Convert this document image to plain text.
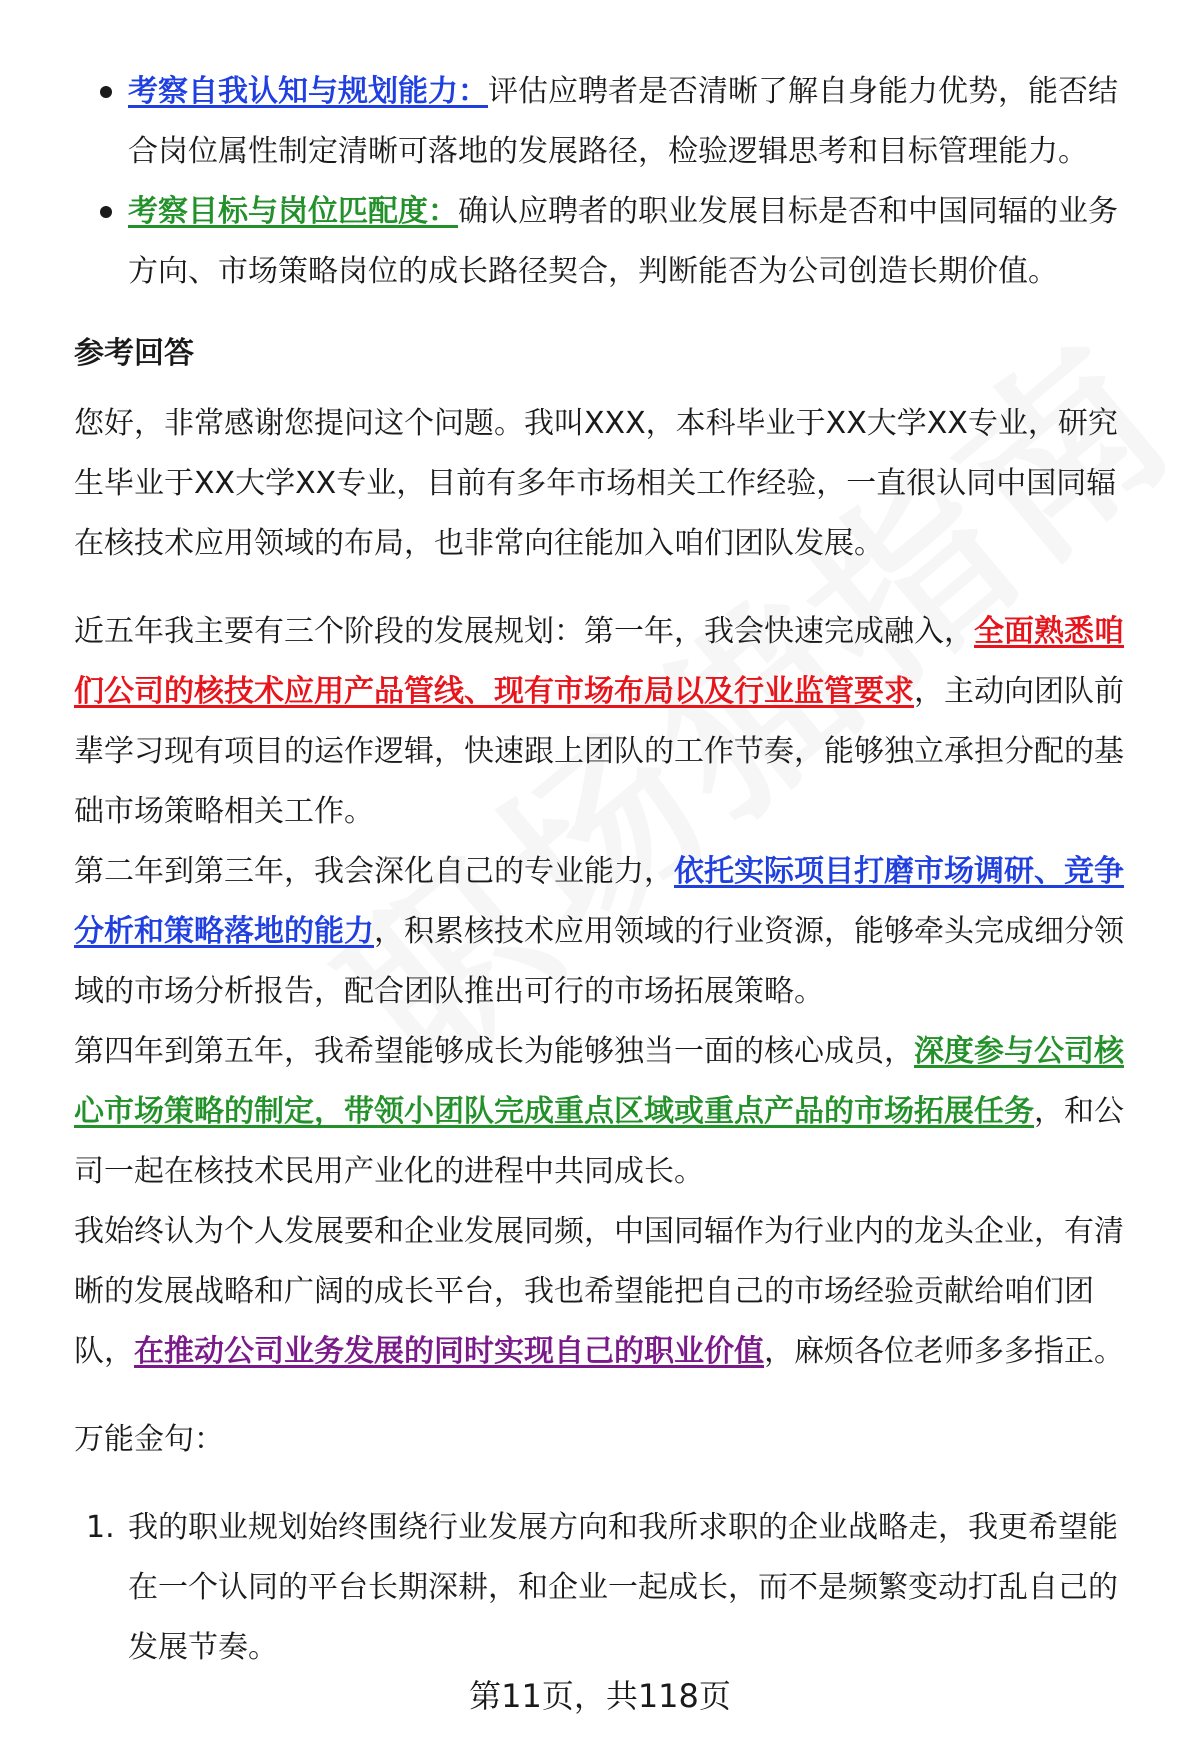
考察自我认知与规划能力：评估应聘者是否清晰了解自身能力优势，能否结合岗位属性制定清晰可落地的发展路径，检验逻辑思考和目标管理能力。
考察目标与岗位匹配度：确认应聘者的职业发展目标是否和中国同辐的业务方向、市场策略岗位的成长路径契合，判断能否为公司创造长期价值。
参考回答

您好，非常感谢您提问这个问题。我叫XXX，本科毕业于XX大学XX专业，研究生毕业于XX大学XX专业，目前有多年市场相关工作经验，一直很认同中国同辐在核技术应用领域的布局，也非常向往能加入咱们团队发展。

近五年我主要有三个阶段的发展规划：第一年，我会快速完成融入，全面熟悉咱们公司的核技术应用产品管线、现有市场布局以及行业监管要求，主动向团队前辈学习现有项目的运作逻辑，快速跟上团队的工作节奏，能够独立承担分配的基础市场策略相关工作。

第二年到第三年，我会深化自己的专业能力，依托实际项目打磨市场调研、竞争分析和策略落地的能力，积累核技术应用领域的行业资源，能够牵头完成细分领域的市场分析报告，配合团队推出可行的市场拓展策略。

第四年到第五年，我希望能够成长为能够独当一面的核心成员，深度参与公司核心市场策略的制定，带领小团队完成重点区域或重点产品的市场拓展任务，和公司一起在核技术民用产业化的进程中共同成长。

我始终认为个人发展要和企业发展同频，中国同辐作为行业内的龙头企业，有清晰的发展战略和广阔的成长平台，我也希望能把自己的市场经验贡献给咱们团队，在推动公司业务发展的同时实现自己的职业价值，麻烦各位老师多多指正。

万能金句：

1. 我的职业规划始终围绕行业发展方向和我所求职的企业战略走，我更希望能在一个认同的平台长期深耕，和企业一起成长，而不是频繁变动打乱自己的发展节奏。
第11页，共118页
